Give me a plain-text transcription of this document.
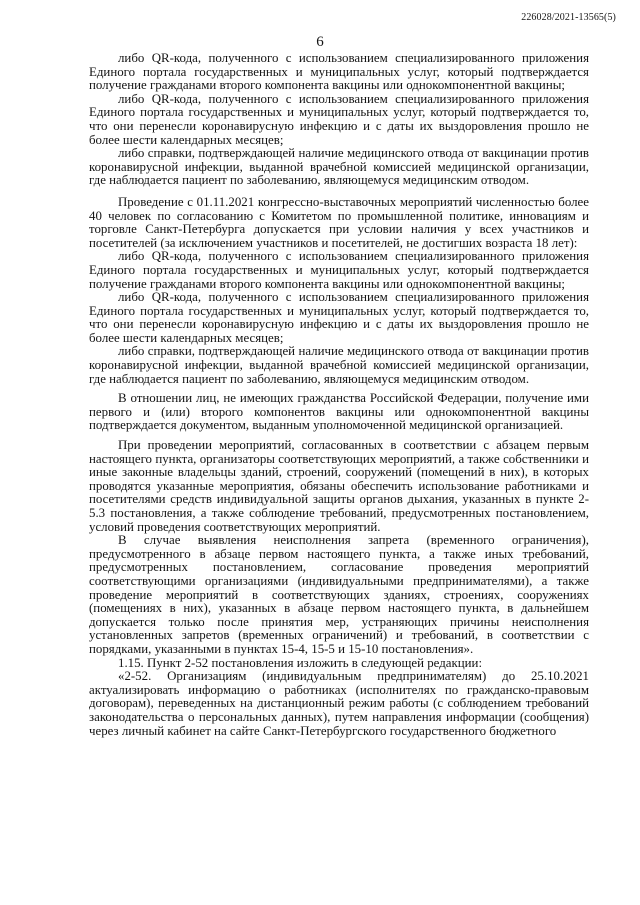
226028/2021-13565(5)
6

либо QR-кода, полученного с использованием специализированного приложения Единого портала государственных и муниципальных услуг, который подтверждается получение гражданами второго компонента вакцины или однокомпонентной вакцины;

либо QR-кода, полученного с использованием специализированного приложения Единого портала государственных и муниципальных услуг, который подтверждается то, что они перенесли коронавирусную инфекцию и с даты их выздоровления прошло не более шести календарных месяцев;

либо справки, подтверждающей наличие медицинского отвода от вакцинации против коронавирусной инфекции, выданной врачебной комиссией медицинской организации, где наблюдается пациент по заболеванию, являющемуся медицинским отводом.

Проведение с 01.11.2021 конгрессно-выставочных мероприятий численностью более 40 человек по согласованию с Комитетом по промышленной политике, инновациям и торговле Санкт-Петербурга допускается при условии наличия у всех участников и посетителей (за исключением участников и посетителей, не достигших возраста 18 лет):

либо QR-кода, полученного с использованием специализированного приложения Единого портала государственных и муниципальных услуг, который подтверждается получение гражданами второго компонента вакцины или однокомпонентной вакцины;

либо QR-кода, полученного с использованием специализированного приложения Единого портала государственных и муниципальных услуг, который подтверждается то, что они перенесли коронавирусную инфекцию и с даты их выздоровления прошло не более шести календарных месяцев;

либо справки, подтверждающей наличие медицинского отвода от вакцинации против коронавирусной инфекции, выданной врачебной комиссией медицинской организации, где наблюдается пациент по заболеванию, являющемуся медицинским отводом.

В отношении лиц, не имеющих гражданства Российской Федерации, получение ими первого и (или) второго компонентов вакцины или однокомпонентной вакцины подтверждается документом, выданным уполномоченной медицинской организацией.

При проведении мероприятий, согласованных в соответствии с абзацем первым настоящего пункта, организаторы соответствующих мероприятий, а также собственники и иные законные владельцы зданий, строений, сооружений (помещений в них), в которых проводятся указанные мероприятия, обязаны обеспечить использование работниками и посетителями средств индивидуальной защиты органов дыхания, указанных в пункте 2-5.3 постановления, а также соблюдение требований, предусмотренных постановлением, условий проведения соответствующих мероприятий.

В случае выявления неисполнения запрета (временного ограничения), предусмотренного в абзаце первом настоящего пункта, а также иных требований, предусмотренных постановлением, согласование проведения мероприятий соответствующими организациями (индивидуальными предпринимателями), а также проведение мероприятий в соответствующих зданиях, строениях, сооружениях (помещениях в них), указанных в абзаце первом настоящего пункта, в дальнейшем допускается только после принятия мер, устраняющих причины неисполнения установленных запретов (временных ограничений) и требований, в соответствии с порядками, указанными в пунктах 15-4, 15-5 и 15-10 постановления».

1.15. Пункт 2-52 постановления изложить в следующей редакции:

«2-52. Организациям (индивидуальным предпринимателям) до 25.10.2021 актуализировать информацию о работниках (исполнителях по гражданско-правовым договорам), переведенных на дистанционный режим работы (с соблюдением требований законодательства о персональных данных), путем направления информации (сообщения) через личный кабинет на сайте Санкт-Петербургского государственного бюджетного
